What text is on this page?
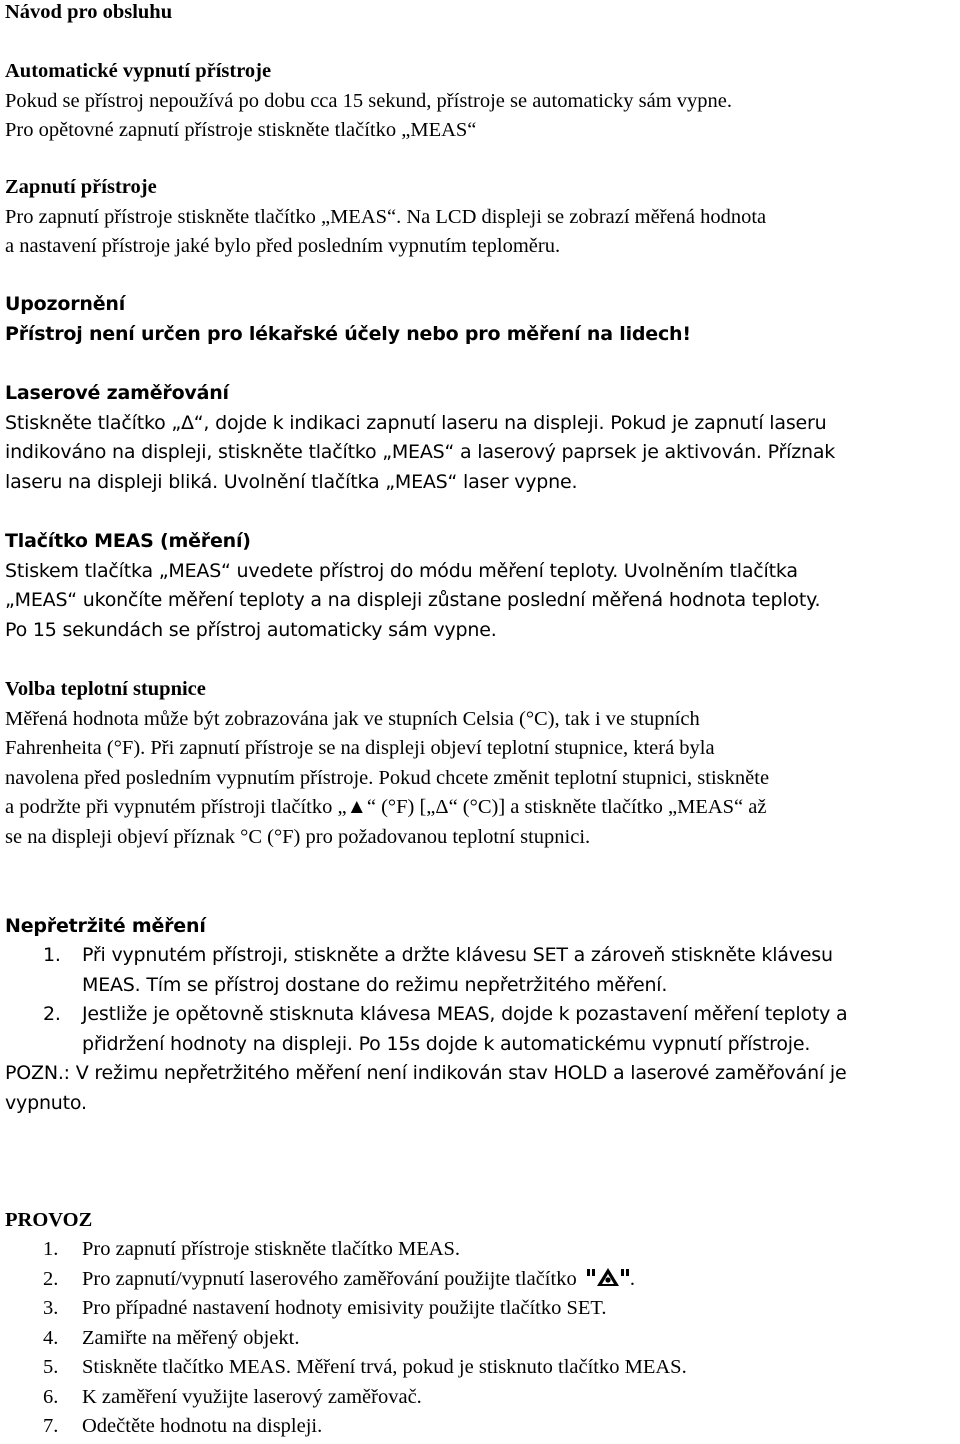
Návod pro obsluhu

Automatické vypnutí přístroje

Pokud se přístroj nepoužívá po dobu cca 15 sekund, přístroje se automaticky sám vypne.

Pro opětovné zapnutí přístroje stiskněte tlačítko „MEAS“

Zapnutí přístroje

Pro zapnutí přístroje stiskněte tlačítko „MEAS“. Na LCD displeji se zobrazí měřená hodnota

a nastavení přístroje jaké bylo před posledním vypnutím teploměru.

Upozornění

Přístroj není určen pro lékařské účely nebo pro měření na lidech!

Laserové zaměřování

Stiskněte tlačítko „Δ“, dojde k indikaci zapnutí laseru na displeji. Pokud je zapnutí laseru

indikováno na displeji, stiskněte tlačítko „MEAS“ a laserový paprsek je aktivován. Příznak

laseru na displeji bliká. Uvolnění tlačítka „MEAS“ laser vypne.

Tlačítko MEAS (měření)

Stiskem tlačítka „MEAS“ uvedete přístroj do módu měření teploty. Uvolněním tlačítka

„MEAS“ ukončíte měření teploty a na displeji zůstane poslední měřená hodnota teploty.

Po 15 sekundách se přístroj automaticky sám vypne.

Volba teplotní stupnice

Měřená hodnota může být zobrazována jak ve stupních Celsia (°C), tak i ve stupních

Fahrenheita (°F). Při zapnutí přístroje se na displeji objeví teplotní stupnice, která byla

navolena před posledním vypnutím přístroje. Pokud chcete změnit teplotní stupnici, stiskněte

a podržte při vypnutém přístroji tlačítko „▲“ (°F) [„Δ“ (°C)] a stiskněte tlačítko „MEAS“ až

se na displeji objeví příznak °C (°F) pro požadovanou teplotní stupnici.

Nepřetržité měření

1. Při vypnutém přístroji, stiskněte a držte klávesu SET a zároveň stiskněte klávesu

MEAS. Tím se přístroj dostane do režimu nepřetržitého měření.

2. Jestliže je opětovně stisknuta klávesa MEAS, dojde k pozastavení měření teploty a

přidržení hodnoty na displeji. Po 15s dojde k automatickému vypnutí přístroje.

POZN.: V režimu nepřetržitého měření není indikován stav HOLD a laserové zaměřování je

vypnuto.

PROVOZ
1. Pro zapnutí přístroje stiskněte tlačítko MEAS.
2. Pro zapnutí/vypnutí laserového zaměřování použijte tlačítko	.
3. Pro případné nastavení hodnoty emisivity použijte tlačítko SET.
4. Zamiřte na měřený objekt.
5. Stiskněte tlačítko MEAS. Měření trvá, pokud je stisknuto tlačítko MEAS.
6. K zaměření využijte laserový zaměřovač.
7. Odečtěte hodnotu na displeji.
